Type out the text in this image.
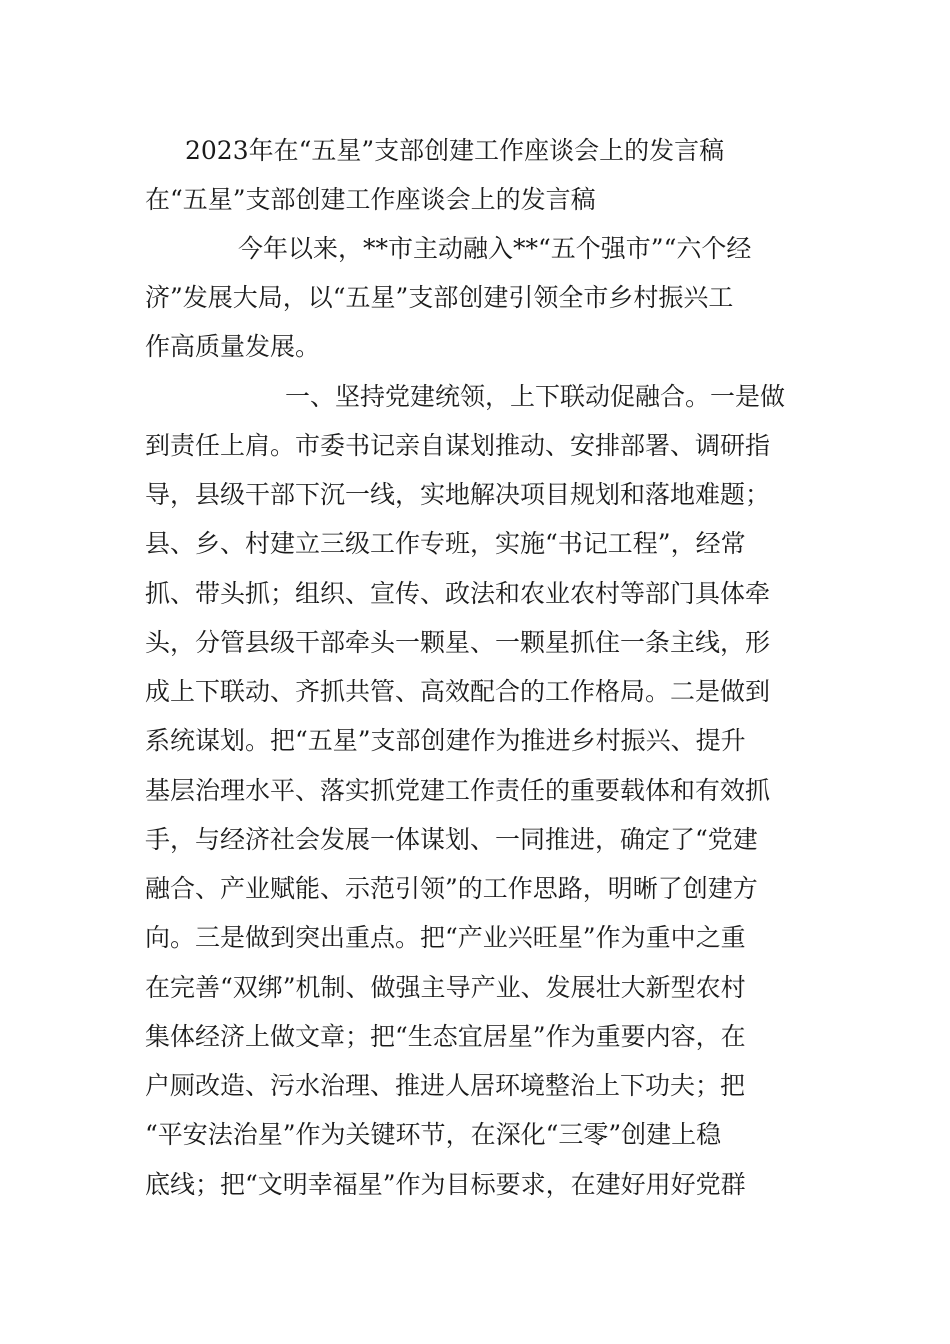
2023年在“五星”支部创建工作座谈会上的发言稿
在“五星”支部创建工作座谈会上的发言稿
今年以来，**市主动融入**“五个强市”“六个经
济”发展大局，以“五星”支部创建引领全市乡村振兴工
作高质量发展。
一、坚持党建统领，上下联动促融合。一是做
到责任上肩。市委书记亲自谋划推动、安排部署、调研指
导，县级干部下沉一线，实地解决项目规划和落地难题；
县、乡、村建立三级工作专班，实施“书记工程”，经常
抓、带头抓；组织、宣传、政法和农业农村等部门具体牵
头，分管县级干部牵头一颗星、一颗星抓住一条主线，形
成上下联动、齐抓共管、高效配合的工作格局。二是做到
系统谋划。把“五星”支部创建作为推进乡村振兴、提升
基层治理水平、落实抓党建工作责任的重要载体和有效抓
手，与经济社会发展一体谋划、一同推进，确定了“党建
融合、产业赋能、示范引领”的工作思路，明晰了创建方
向。三是做到突出重点。把“产业兴旺星”作为重中之重
在完善“双绑”机制、做强主导产业、发展壮大新型农村
集体经济上做文章；把“生态宜居星”作为重要内容，在
户厕改造、污水治理、推进人居环境整治上下功夫；把
“平安法治星”作为关键环节，在深化“三零”创建上稳
底线；把“文明幸福星”作为目标要求，在建好用好党群
